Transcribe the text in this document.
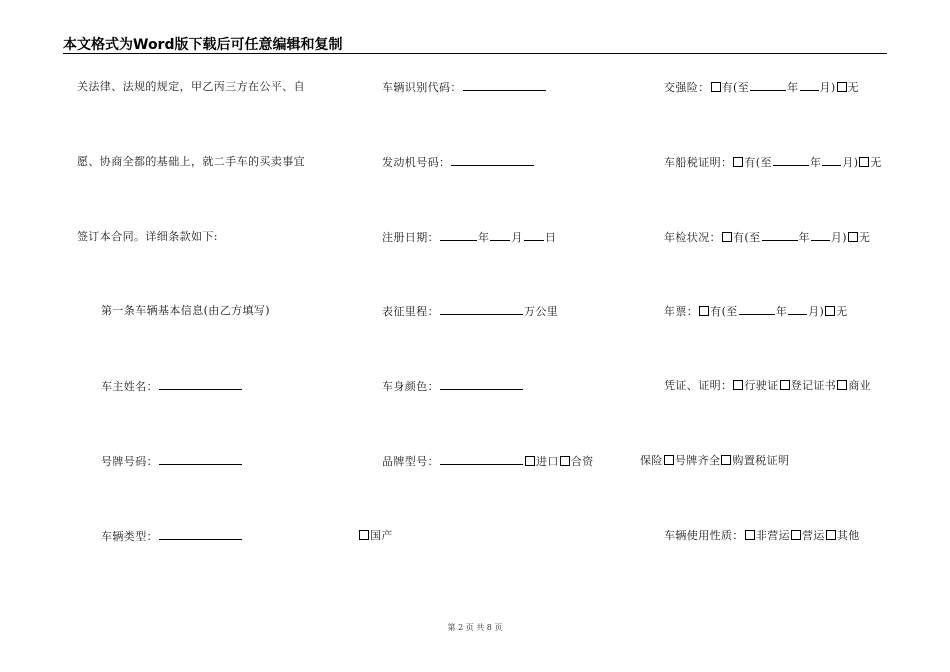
本文格式为Word版下载后可任意编辑和复制
关法律、法规的规定，甲乙丙三方在公平、自
愿、协商全都的基础上，就二手车的买卖事宜
签订本合同。详细条款如下:
第一条车辆基本信息(由乙方填写)
车主姓名：
号牌号码：
车辆类型：
车辆识别代码：
发动机号码：
注册日期：	年 月 日
表征里程：	万公里
车身颜色：
品牌型号：	进口 合资
国产
交强险： 有(至	年 月) 无
车船税证明： 有(至	年 月) 无
年检状况： 有(至	年 月) 无
年票： 有(至	年 月) 无
凭证、证明： 行驶证 登记证书 商业
保险 号牌齐全 购置税证明
车辆使用性质： 非营运 营运 其他
第 2 页 共 8 页
